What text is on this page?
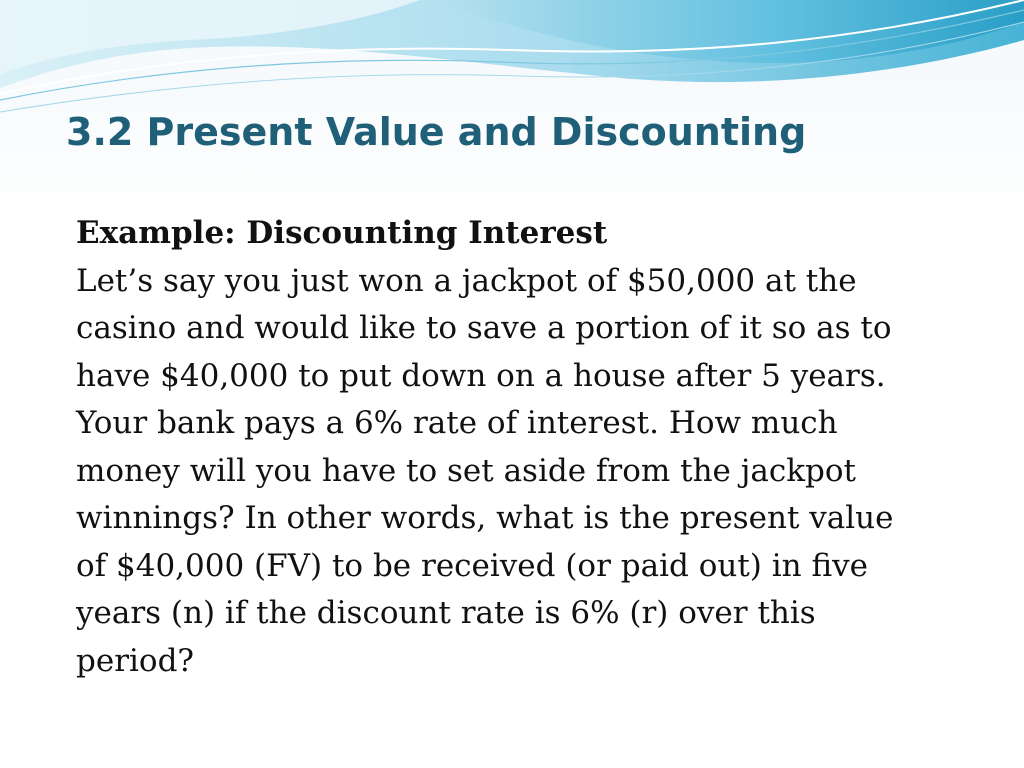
3.2 Present Value and Discounting

Example: Discounting Interest

Let’s say you just won a jackpot of $50,000 at the
casino and would like to save a portion of it so as to
have $40,000 to put down on a house after 5 years.
Your bank pays a 6% rate of interest. How much
money will you have to set aside from the jackpot
winnings? In other words, what is the present value
of $40,000 (FV) to be received (or paid out) in five
years (n) if the discount rate is 6% (r) over this
period?
